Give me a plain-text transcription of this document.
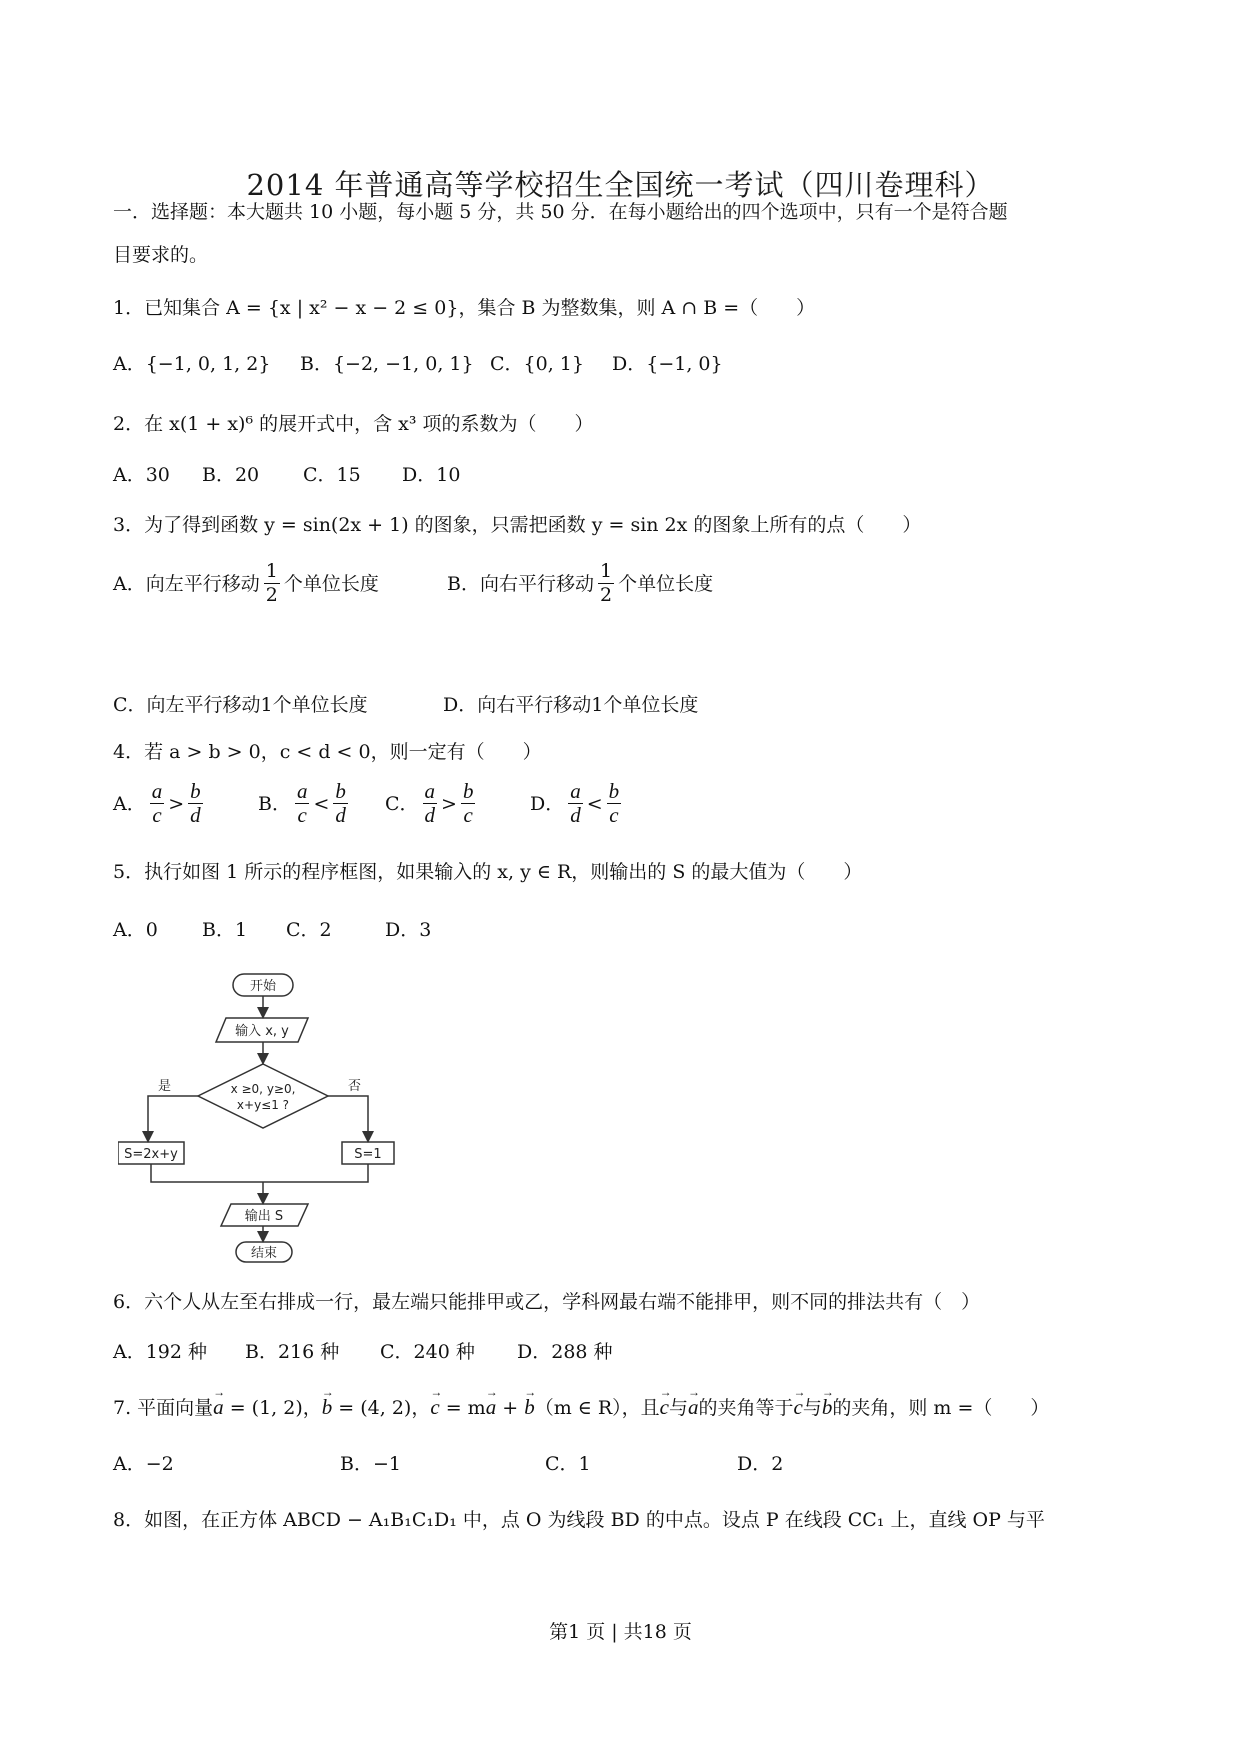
2014 年普通高等学校招生全国统一考试（四川卷理科）
一．选择题：本大题共 10 小题，每小题 5 分，共 50 分．在每小题给出的四个选项中，只有一个是符合题
目要求的。
1．已知集合 A = {x | x² − x − 2 ≤ 0}，集合 B 为整数集，则 A ∩ B =（　　）
A．{−1, 0, 1, 2} B．{−2, −1, 0, 1} C．{0, 1} D．{−1, 0}
2．在 x(1 + x)⁶ 的展开式中，含 x³ 项的系数为（　　）
A．30 B．20 C．15 D．10
3．为了得到函数 y = sin(2x + 1) 的图象，只需把函数 y = sin 2x 的图象上所有的点（　　）
A．向左平行移动 $\frac{1}{2}$ 个单位长度	B．向右平行移动 $\frac{1}{2}$ 个单位长度
C．向左平行移动1个单位长度	D．向右平行移动1个单位长度
4．若 a > b > 0，c < d < 0，则一定有（　　）
A． $\frac{a}{c} > \frac{b}{d}$	B． $\frac{a}{c} < \frac{b}{d}$ C． $\frac{a}{d} > \frac{b}{c}$	D． $\frac{a}{d} < \frac{b}{c}$
5．执行如图 1 所示的程序框图，如果输入的 x, y ∈ R，则输出的 S 的最大值为（　　）
A．0 B．1 C．2	D．3
开始
输入 x, y
x ≥0, y≥0,
x+y≤1 ?
是	否
S=2x+y	S=1
输出 S
结束
6．六个人从左至右排成一行，最左端只能排甲或乙，学科网最右端不能排甲，则不同的排法共有（　）
A．192 种 B．216 种 C．240 种 D．288 种
7. 平面向量→ a = (1, 2)，→ b = (4, 2)，→ c = m→ a + → b（m ∈ R），且→ c与→ a的夹角等于→ c与→ b的夹角，则 m =（　　）
A．−2	B．−1	C．1	D．2
8．如图，在正方体 ABCD − A₁B₁C₁D₁ 中，点 O 为线段 BD 的中点。设点 P 在线段 CC₁ 上，直线 OP 与平
第1 页 | 共18 页
